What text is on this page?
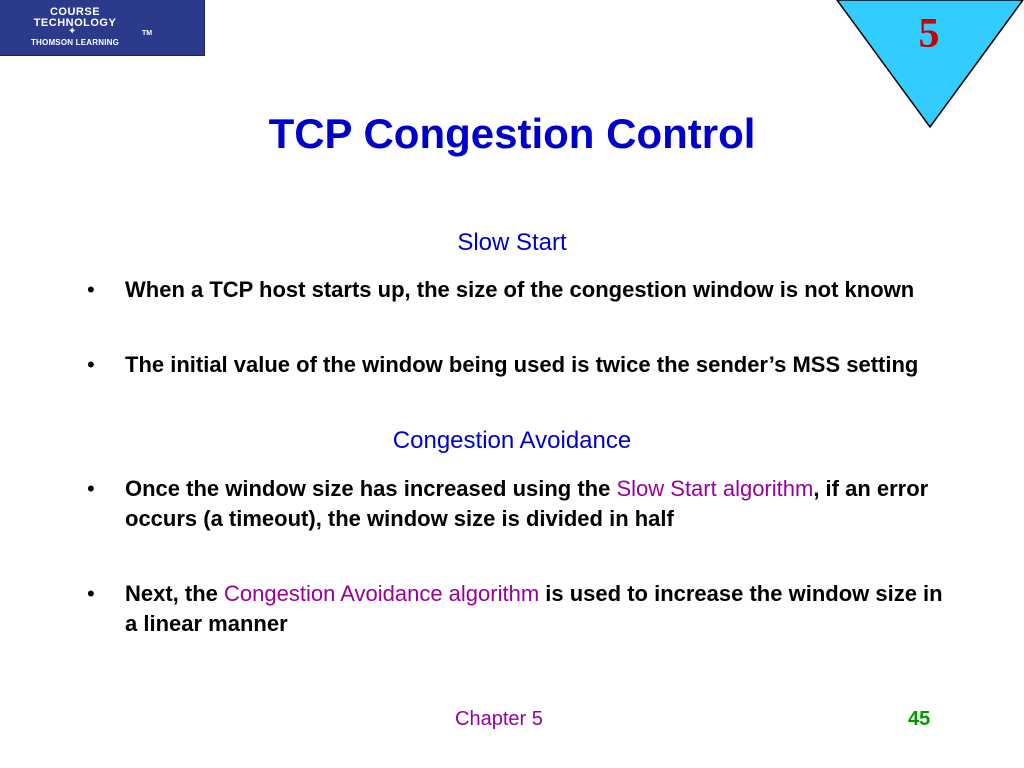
COURSE
TECHNOLOGY
✦
THOMSON LEARNING
TM	5
TCP Congestion Control
Slow Start
• When a TCP host starts up, the size of the congestion window is not known
• The initial value of the window being used is twice the sender’s MSS setting
Congestion Avoidance
• Once the window size has increased using the Slow Start algorithm, if an error occurs (a timeout), the window size is divided in half
• Next, the Congestion Avoidance algorithm is used to increase the window size in a linear manner
Chapter 5	45
